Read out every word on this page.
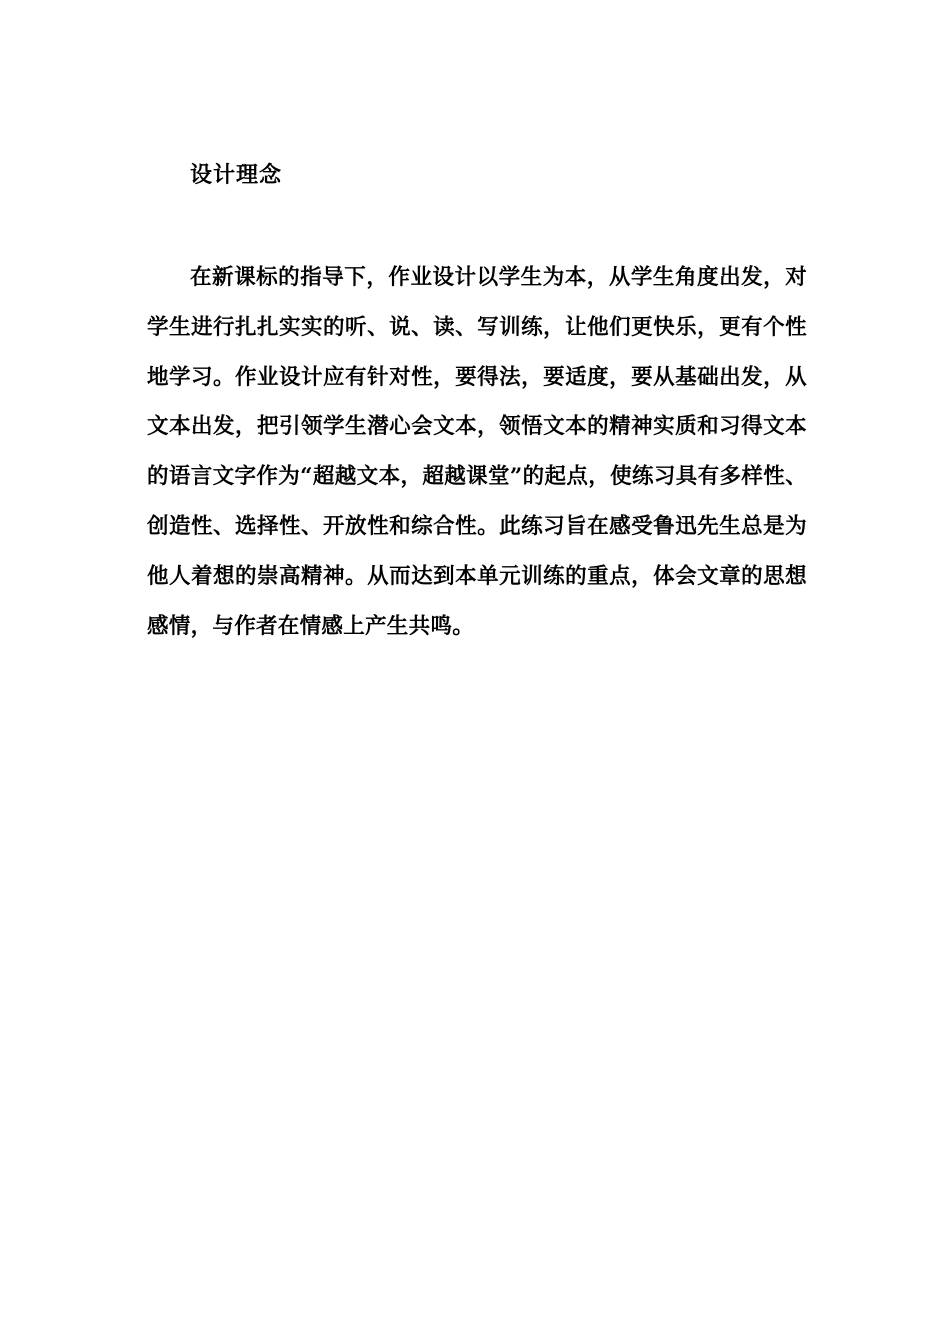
设计理念

在新课标的指导下，作业设计以学生为本，从学生角度出发，对学生进行扎扎实实的听、说、读、写训练，让他们更快乐，更有个性地学习。作业设计应有针对性，要得法，要适度，要从基础出发，从文本出发，把引领学生潜心会文本，领悟文本的精神实质和习得文本的语言文字作为“超越文本，超越课堂”的起点，使练习具有多样性、创造性、选择性、开放性和综合性。此练习旨在感受鲁迅先生总是为他人着想的崇高精神。从而达到本单元训练的重点，体会文章的思想感情，与作者在情感上产生共鸣。
